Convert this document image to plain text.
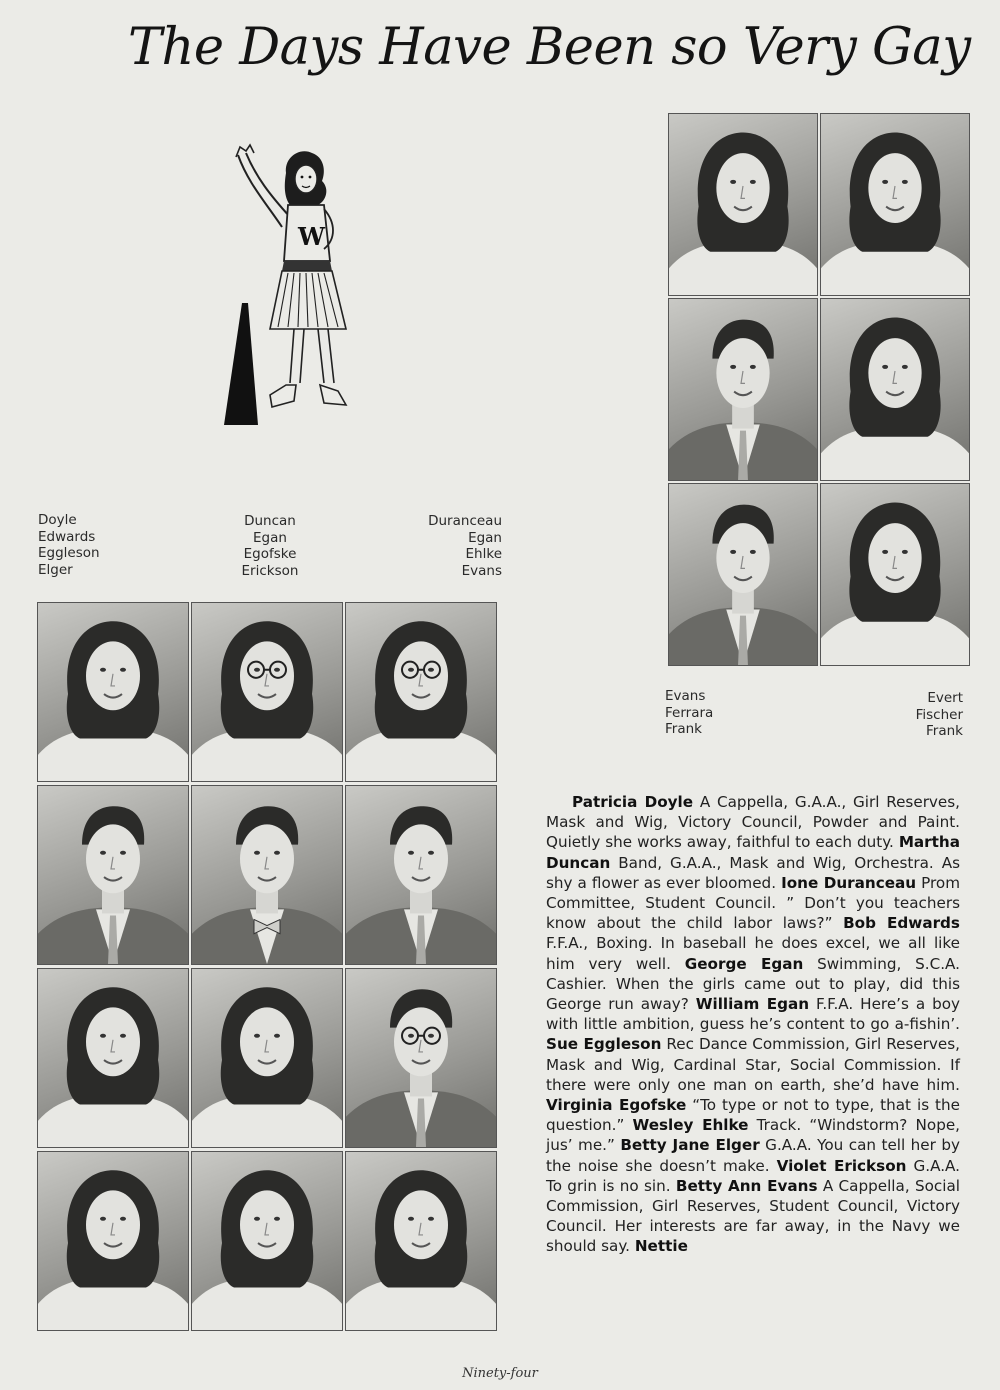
The Days Have Been so Very Gay
W
Doyle
Edwards
Eggleson
Elger
Duncan
Egan
Egofske
Erickson
Duranceau
Egan
Ehlke
Evans
Evans
Ferrara
Frank
Evert
Fischer
Frank
Patricia Doyle A Cappella, G.A.A., Girl Reserves, Mask and Wig, Victory Council, Powder and Paint. Quietly she works away, faithful to each duty. Martha Duncan Band, G.A.A., Mask and Wig, Orchestra. As shy a flower as ever bloomed. Ione Duranceau Prom Committee, Student Council. ” Don’t you teachers know about the child labor laws?” Bob Edwards F.F.A., Boxing. In baseball he does excel, we all like him very well. George Egan Swimming, S.C.A. Cashier. When the girls came out to play, did this George run away? William Egan F.F.A. Here’s a boy with little ambition, guess he’s content to go a-fishin’. Sue Eggleson Rec Dance Commission, Girl Reserves, Mask and Wig, Cardinal Star, Social Commission. If there were only one man on earth, she’d have him. Virginia Egofske “To type or not to type, that is the question.” Wesley Ehlke Track. “Windstorm? Nope, jus’ me.” Betty Jane Elger G.A.A. You can tell her by the noise she doesn’t make. Violet Erickson G.A.A. To grin is no sin. Betty Ann Evans A Cappella, Social Commission, Girl Reserves, Student Council, Victory Council. Her interests are far away, in the Navy we should say. Nettie
Ninety-four
